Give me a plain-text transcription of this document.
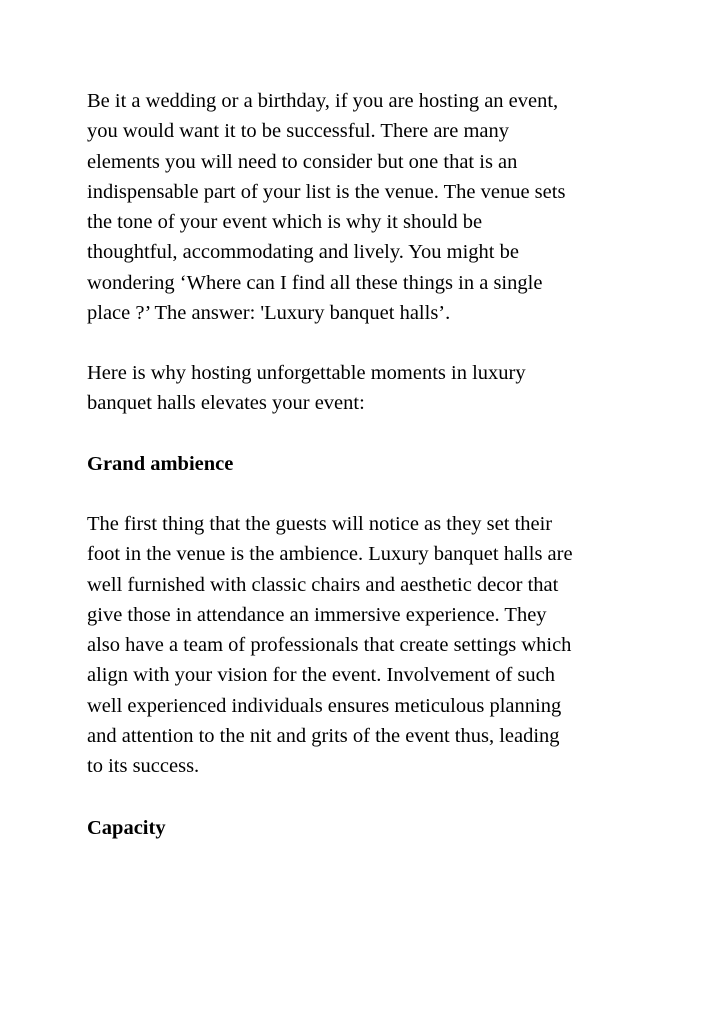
Be it a wedding or a birthday, if you are hosting an event,
you would want it to be successful. There are many
elements you will need to consider but one that is an
indispensable part of your list is the venue. The venue sets
the tone of your event which is why it should be
thoughtful, accommodating and lively. You might be
wondering ‘Where can I find all these things in a single
place ?’ The answer: 'Luxury banquet halls’.

Here is why hosting unforgettable moments in luxury
banquet halls elevates your event:

Grand ambience

The first thing that the guests will notice as they set their
foot in the venue is the ambience. Luxury banquet halls are
well furnished with classic chairs and aesthetic decor that
give those in attendance an immersive experience. They
also have a team of professionals that create settings which
align with your vision for the event. Involvement of such
well experienced individuals ensures meticulous planning
and attention to the nit and grits of the event thus, leading
to its success.

Capacity
